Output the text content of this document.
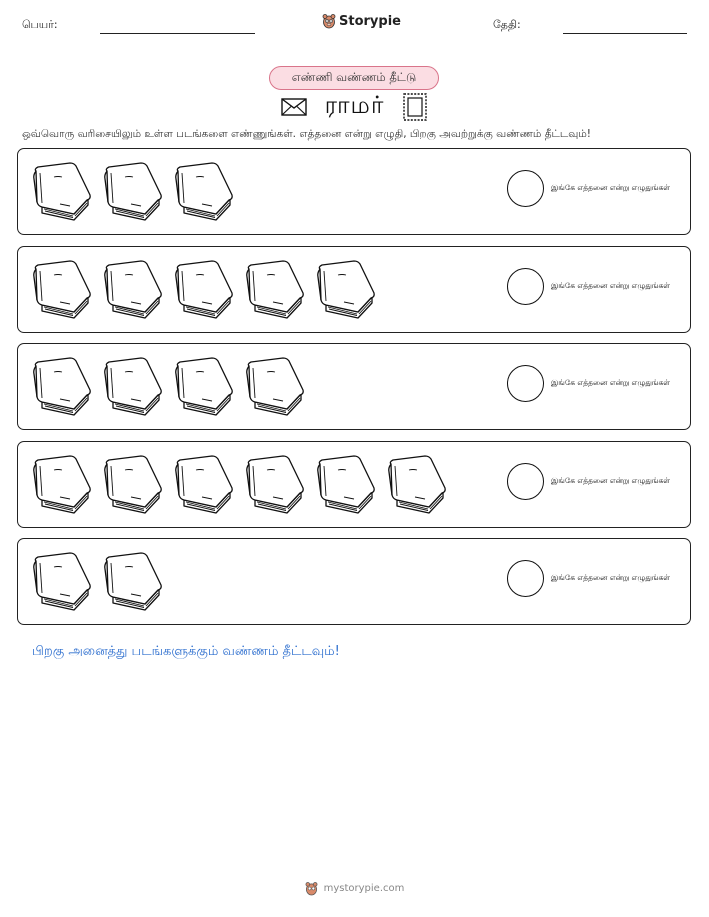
பெயர்:	Storypie	தேதி:
எண்ணி வண்ணம் தீட்டு
ராமர்
ஒவ்வொரு வரிசையிலும் உள்ள படங்களை எண்ணுங்கள். எத்தனை என்று எழுதி, பிறகு அவற்றுக்கு வண்ணம் தீட்டவும்!
இங்கே எத்தனை என்று எழுதுங்கள்
இங்கே எத்தனை என்று எழுதுங்கள்
இங்கே எத்தனை என்று எழுதுங்கள்
இங்கே எத்தனை என்று எழுதுங்கள்
இங்கே எத்தனை என்று எழுதுங்கள்
பிறகு அனைத்து படங்களுக்கும் வண்ணம் தீட்டவும்!
mystorypie.com
